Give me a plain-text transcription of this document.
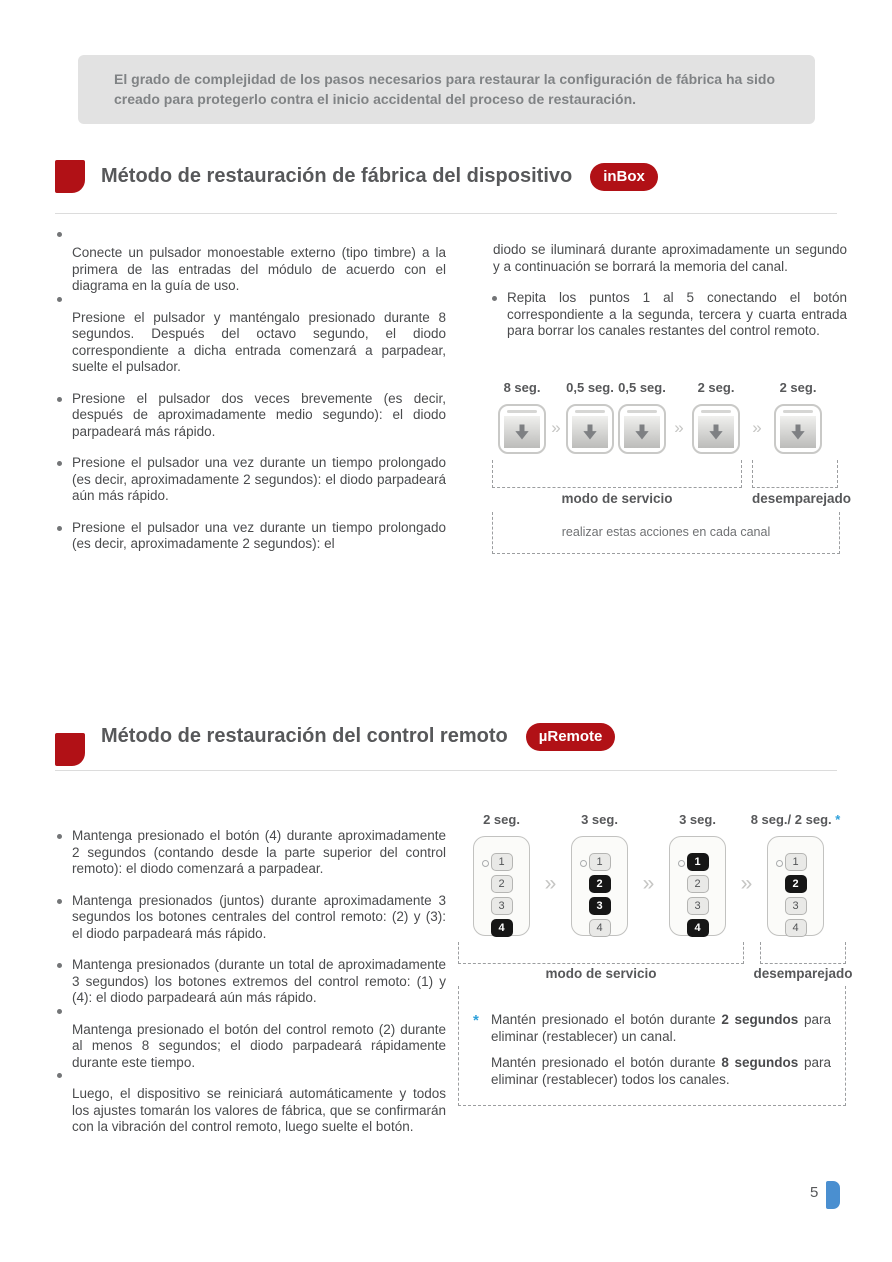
El grado de complejidad de los pasos necesarios para restaurar la configuración de fábrica ha sido creado para protegerlo contra el inicio accidental del proceso de restauración.

Método de restauración de fábrica del dispositivo	inBox
Conecte un pulsador monoestable externo (tipo timbre) a la primera de las entradas del módulo de acuerdo con el diagrama en la guía de uso.
Presione el pulsador y manténgalo presionado durante 8 segundos. Después del octavo segundo, el diodo correspondiente a dicha entrada comenzará a parpadear, suelte el pulsador.
Presione el pulsador dos veces brevemente (es decir, después de aproximadamente medio segundo): el diodo parpadeará más rápido.
Presione el pulsador una vez durante un tiempo prolongado (es decir, aproximadamente 2 segundos): el diodo parpadeará aún más rápido.
Presione el pulsador una vez durante un tiempo prolongado (es decir, aproximadamente 2 segundos): el

diodo se iluminará durante aproximadamente un segundo y a continuación se borrará la memoria del canal.

Repita los puntos 1 al 5 conectando el botón correspondiente a la segunda, tercera y cuarta entrada para borrar los canales restantes del control remoto.
8 seg.
»
0,5 seg. 0,5 seg.
»
2 seg.
»
2 seg.
modo de servicio	desemparejado
realizar estas acciones en cada canal
Método de restauración del control remoto	µRemote
Mantenga presionado el botón (4) durante aproximadamente 2 segundos (contando desde la parte superior del control remoto): el diodo comenzará a parpadear.
Mantenga presionados (juntos) durante aproximadamente 3 segundos los botones centrales del control remoto: (2) y (3): el diodo parpadeará más rápido.
Mantenga presionados (durante un total de aproximadamente 3 segundos) los botones extremos del control remoto: (1) y (4): el diodo parpadeará aún más rápido.
Mantenga presionado el botón del control remoto (2) durante al menos 8 segundos; el diodo parpadeará rápidamente durante este tiempo.
Luego, el dispositivo se reiniciará automáticamente y todos los ajustes tomarán los valores de fábrica, que se confirmarán con la vibración del control remoto, luego suelte el botón.
2 seg.
1
2
3
4
»
3 seg.
1
2
3
4
»
3 seg.
1
2
3
4
»
8 seg./ 2 seg. *
1
2
3
4
modo de servicio	desemparejado
* Mantén presionado el botón durante 2 segundos para eliminar (restablecer) un canal.

Mantén presionado el botón durante 8 segundos para eliminar (restablecer) todos los canales.

5
